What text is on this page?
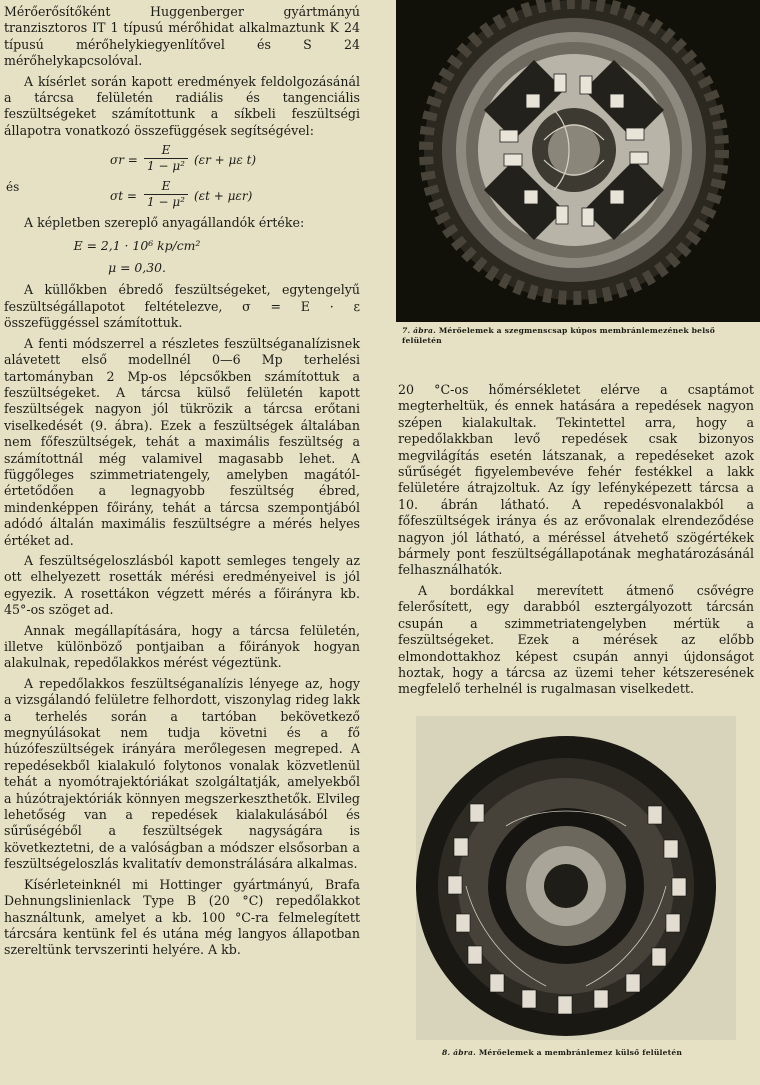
Mérőerősítőként Huggenberger gyártmányú tranzisztoros IT 1 típusú mérőhidat alkalmaztunk K 24 típusú mérőhelykiegyenlítővel és S 24 mérőhelykapcsolóval.

A kísérlet során kapott eredmények feldolgozásánál a tárcsa felületén radiális és tangenciális feszültségeket számítottunk a síkbeli feszültségi állapotra vonatkozó összefüggések segítségével:

$\sigma r = \frac{E}{\text{1 − μ²}} (\varepsilon r + \mu\varepsilon$ t)
és
$\sigma t = \frac{E}{\text{1 − μ²}} (\varepsilon t + \mu\varepsilon r)$

A képletben szereplő anyagállandók értéke:

E = 2,1 · 10⁶ kp/cm²
μ = 0,30.

A küllőkben ébredő feszültségeket, egytengelyű feszültségállapotot feltételezve, σ = E · ε összefüggéssel számítottuk.

A fenti módszerrel a részletes feszültséganalízisnek alávetett első modellnél 0—6 Mp terhelési tartományban 2 Mp-os lépcsőkben számítottuk a feszültségeket. A tárcsa külső felületén kapott feszültségek nagyon jól tükrözik a tárcsa erőtani viselkedését (9. ábra). Ezek a feszültségek általában nem főfeszültségek, tehát a maximális feszültség a számítottnál még valamivel magasabb lehet. A függőleges szimmetriatengely, amelyben magától-értetődően a legnagyobb feszültség ébred, mindenképpen főirány, tehát a tárcsa szempontjából adódó általán maximális feszültségre a mérés helyes értéket ad.

A feszültségeloszlásból kapott semleges tengely az ott elhelyezett rosetták mérési eredményeivel is jól egyezik. A rosettákon végzett mérés a főirányra kb. 45°-os szöget ad.

Annak megállapítására, hogy a tárcsa felületén, illetve különböző pontjaiban a főirányok hogyan alakulnak, repedőlakkos mérést végeztünk.

A repedőlakkos feszültséganalízis lényege az, hogy a vizsgálandó felületre felhordott, viszonylag rideg lakk a terhelés során a tartóban bekövetkező megnyúlásokat nem tudja követni és a fő húzófeszültségek irányára merőlegesen megreped. A repedésekből kialakuló folytonos vonalak közvetlenül tehát a nyomótrajektóriákat szolgáltatják, amelyekből a húzótrajektóriák könnyen megszerkeszthetők. Elvileg lehetőség van a repedések kialakulásából és sűrűségéből a feszültségek nagyságára is következtetni, de a valóságban a módszer elsősorban a feszültségeloszlás kvalitatív demonstrálására alkalmas.

Kísérleteinknél mi Hottinger gyártmányú, Brafa Dehnungslinienlack Type B (20 °C) repedőlakkot használtunk, amelyet a kb. 100 °C-ra felmelegített tárcsára kentünk fel és utána még langyos állapotban szereltünk tervszerinti helyére. A kb.

7. ábra. Mérőelemek a szegmenscsap kúpos membránlemezének belső felületén

20 °C-os hőmérsékletet elérve a csaptámot megterheltük, és ennek hatására a repedések nagyon szépen kialakultak. Tekintettel arra, hogy a repedőlakkban levő repedések csak bizonyos megvilágítás esetén látszanak, a repedéseket azok sűrűségét figyelembevéve fehér festékkel a lakk felületére átrajzoltuk. Az így lefényképezett tárcsa a 10. ábrán látható. A repedésvonalakból a főfeszültségek iránya és az erővonalak elrendeződése nagyon jól látható, a méréssel átvehető szögértékek bármely pont feszültségállapotának meghatározásánál felhasználhatók.

A bordákkal merevített átmenő csővégre felerősített, egy darabból esztergályozott tárcsán csupán a szimmetriatengelyben mértük a feszültségeket. Ezek a mérések az előbb elmondottakhoz képest csupán annyi újdonságot hoztak, hogy a tárcsa az üzemi teher kétszeresének megfelelő terhelnél is rugalmasan viselkedett.

8. ábra. Mérőelemek a membránlemez külső felületén
